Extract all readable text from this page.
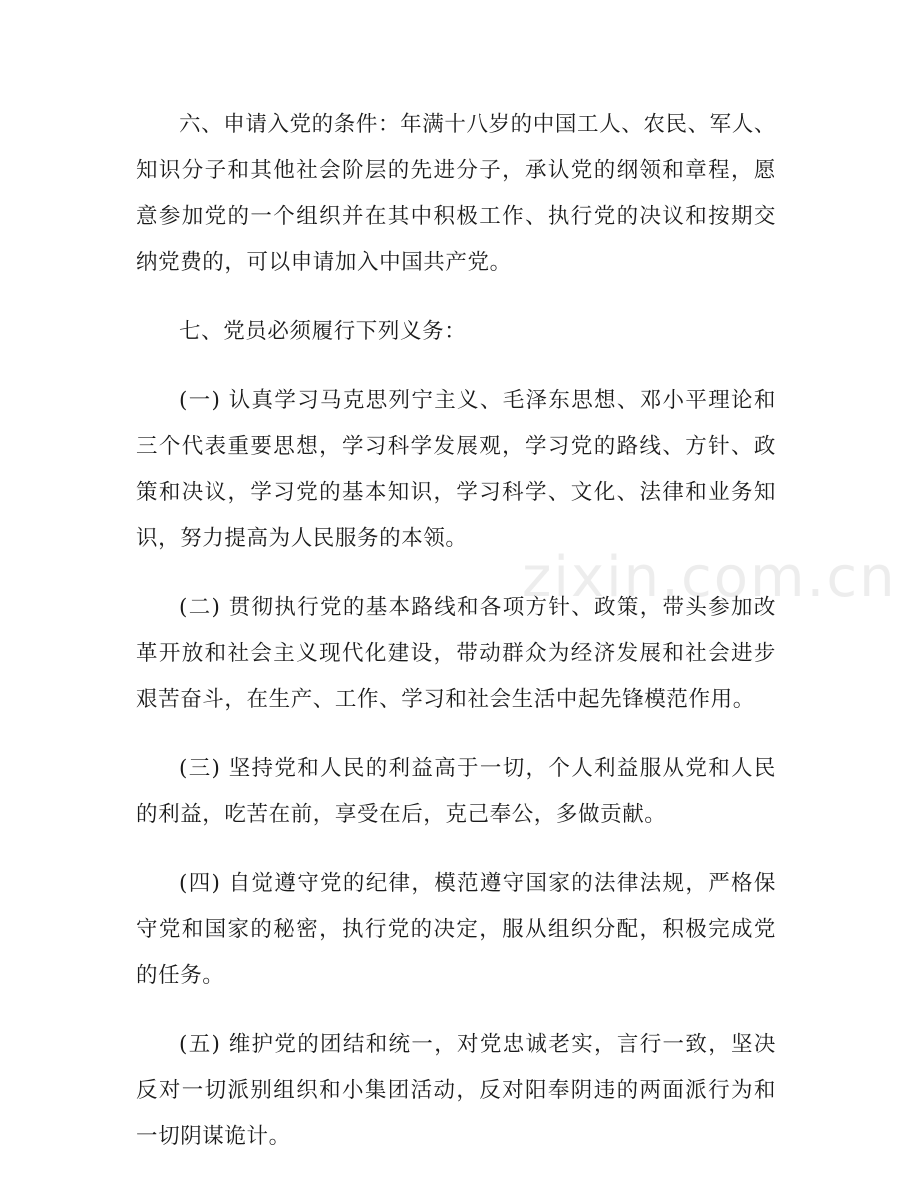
六、申请入党的条件：年满十八岁的中国工人、农民、军人、知识分子和其他社会阶层的先进分子，承认党的纲领和章程，愿意参加党的一个组织并在其中积极工作、执行党的决议和按期交纳党费的，可以申请加入中国共产党。

七、党员必须履行下列义务：

(一) 认真学习马克思列宁主义、毛泽东思想、邓小平理论和三个代表重要思想，学习科学发展观，学习党的路线、方针、政策和决议，学习党的基本知识，学习科学、文化、法律和业务知识，努力提高为人民服务的本领。

(二) 贯彻执行党的基本路线和各项方针、政策，带头参加改革开放和社会主义现代化建设，带动群众为经济发展和社会进步艰苦奋斗，在生产、工作、学习和社会生活中起先锋模范作用。

(三) 坚持党和人民的利益高于一切，个人利益服从党和人民的利益，吃苦在前，享受在后，克己奉公，多做贡献。

(四) 自觉遵守党的纪律，模范遵守国家的法律法规，严格保守党和国家的秘密，执行党的决定，服从组织分配，积极完成党的任务。

(五) 维护党的团结和统一，对党忠诚老实，言行一致，坚决反对一切派别组织和小集团活动，反对阳奉阴违的两面派行为和一切阴谋诡计。

zixin.com.cn
